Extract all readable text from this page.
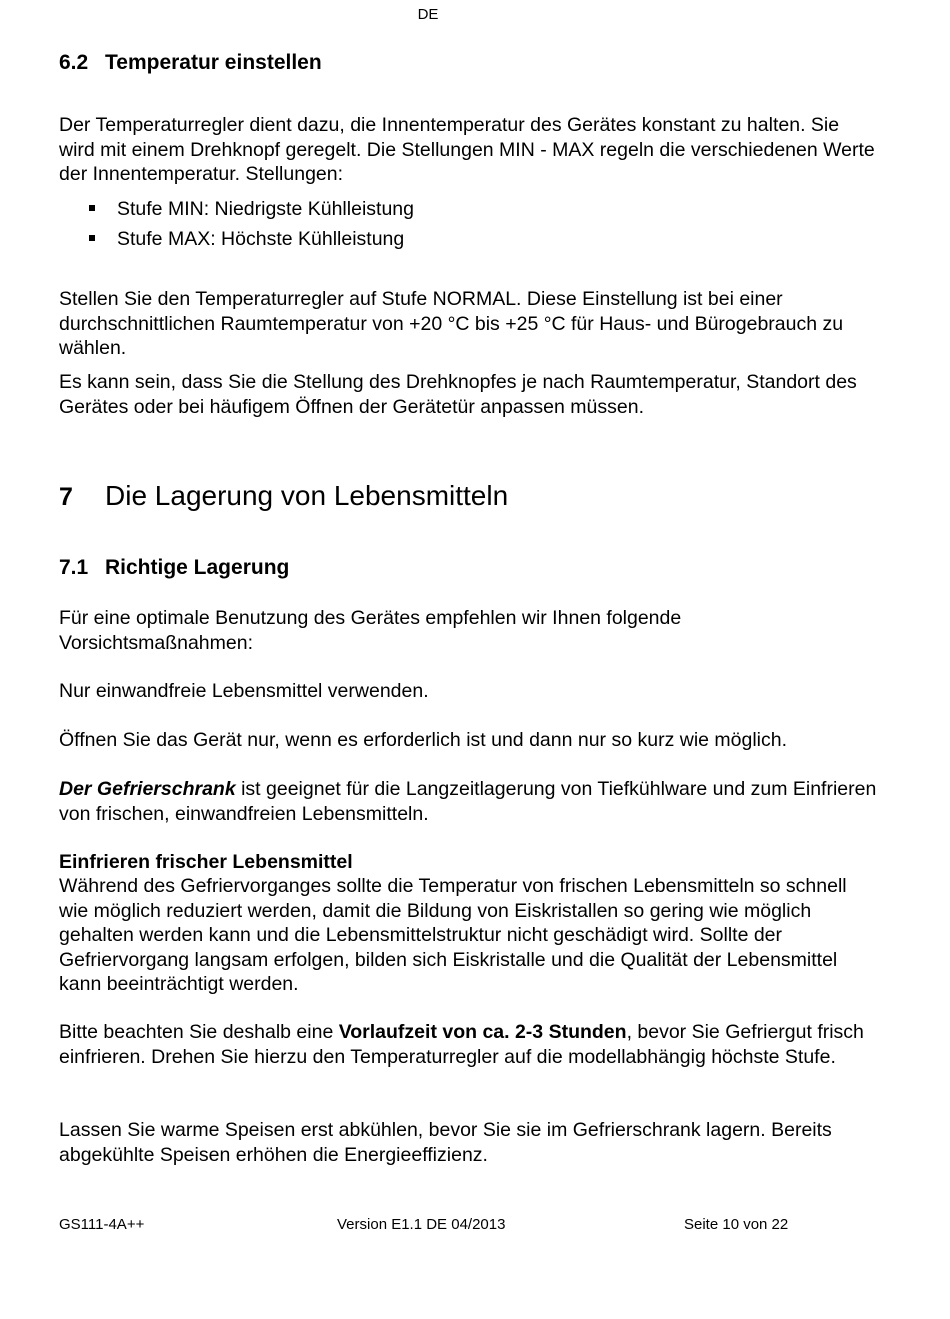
DE
6.2 Temperatur einstellen
Der Temperaturregler dient dazu, die Innentemperatur des Gerätes konstant zu halten. Sie wird mit einem Drehknopf geregelt. Die Stellungen MIN - MAX regeln die verschiedenen Werte der Innentemperatur. Stellungen:
Stufe MIN: Niedrigste Kühlleistung
Stufe MAX: Höchste Kühlleistung
Stellen Sie den Temperaturregler auf Stufe NORMAL. Diese Einstellung ist bei einer durchschnittlichen Raumtemperatur von +20 °C bis +25 °C für Haus- und Bürogebrauch zu wählen.
Es kann sein, dass Sie die Stellung des Drehknopfes je nach Raumtemperatur, Standort des Gerätes oder bei häufigem Öffnen der Gerätetür anpassen müssen.
7 Die Lagerung von Lebensmitteln
7.1 Richtige Lagerung
Für eine optimale Benutzung des Gerätes empfehlen wir Ihnen folgende Vorsichtsmaßnahmen:
Nur einwandfreie Lebensmittel verwenden.
Öffnen Sie das Gerät nur, wenn es erforderlich ist und dann nur so kurz wie möglich.
Der Gefrierschrank ist geeignet für die Langzeitlagerung von Tiefkühlware und zum Einfrieren von frischen, einwandfreien Lebensmitteln.
Einfrieren frischer Lebensmittel
Während des Gefriervorganges sollte die Temperatur von frischen Lebensmitteln so schnell wie möglich reduziert werden, damit die Bildung von Eiskristallen so gering wie möglich gehalten werden kann und die Lebensmittelstruktur nicht geschädigt wird. Sollte der Gefriervorgang langsam erfolgen, bilden sich Eiskristalle und die Qualität der Lebensmittel kann beeinträchtigt werden.
Bitte beachten Sie deshalb eine Vorlaufzeit von ca. 2-3 Stunden, bevor Sie Gefriergut frisch einfrieren. Drehen Sie hierzu den Temperaturregler auf die modellabhängig höchste Stufe.
Lassen Sie warme Speisen erst abkühlen, bevor Sie sie im Gefrierschrank lagern. Bereits abgekühlte Speisen erhöhen die Energieeffizienz.
GS111-4A++	Version E1.1 DE 04/2013	Seite 10 von 22
